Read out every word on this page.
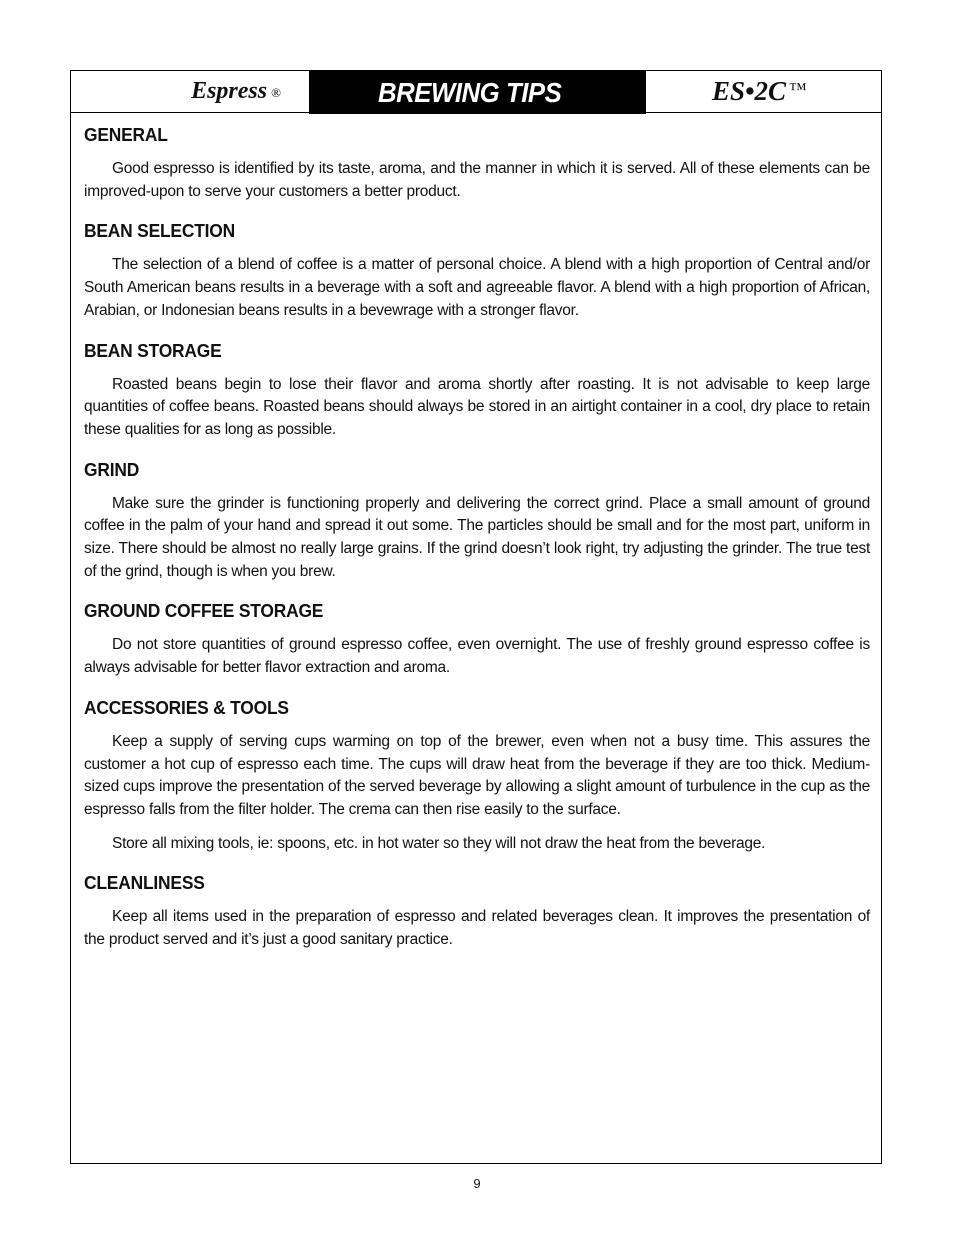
Espress ®	BREWING TIPS	ES•2C ™
GENERAL

Good espresso is identified by its taste, aroma, and the manner in which it is served. All of these elements can be improved-upon to serve your customers a better product.

BEAN SELECTION

The selection of a blend of coffee is a matter of personal choice. A blend with a high proportion of Central and/or South American beans results in a beverage with a soft and agreeable flavor. A blend with a high proportion of African, Arabian, or Indonesian beans results in a bevewrage with a stronger flavor.

BEAN STORAGE

Roasted beans begin to lose their flavor and aroma shortly after roasting. It is not advisable to keep large quantities of coffee beans. Roasted beans should always be stored in an airtight container in a cool, dry place to retain these qualities for as long as possible.

GRIND

Make sure the grinder is functioning properly and delivering the correct grind. Place a small amount of ground coffee in the palm of your hand and spread it out some. The particles should be small and for the most part, uniform in size. There should be almost no really large grains. If the grind doesn’t look right, try adjusting the grinder. The true test of the grind, though is when you brew.

GROUND COFFEE STORAGE

Do not store quantities of ground espresso coffee, even overnight. The use of freshly ground espresso coffee is always advisable for better flavor extraction and aroma.

ACCESSORIES & TOOLS

Keep a supply of serving cups warming on top of the brewer, even when not a busy time. This assures the customer a hot cup of espresso each time. The cups will draw heat from the beverage if they are too thick. Medium-sized cups improve the presentation of the served beverage by allowing a slight amount of turbulence in the cup as the espresso falls from the filter holder. The crema can then rise easily to the surface.

Store all mixing tools, ie: spoons, etc. in hot water so they will not draw the heat from the beverage.

CLEANLINESS

Keep all items used in the preparation of espresso and related beverages clean. It improves the presentation of the product served and it’s just a good sanitary practice.

9
